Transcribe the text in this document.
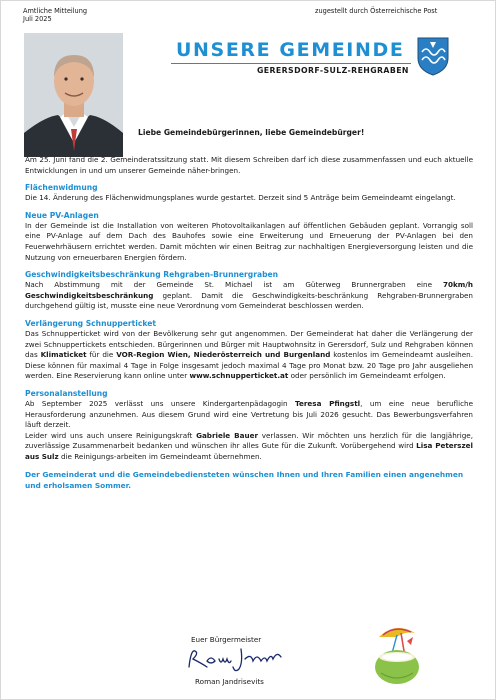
Amtliche Mitteilung
Juli 2025
zugestellt durch Österreichische Post
UNSERE GEMEINDE
GERERSDORF-SULZ-REHGRABEN
Liebe Gemeindebürgerinnen, liebe Gemeindebürger!

Am 25. Juni fand die 2. Gemeinderatssitzung statt. Mit diesem Schreiben darf ich diese zusammenfassen und euch aktuelle Entwicklungen in und um unserer Gemeinde näher-bringen.

Flächenwidmung

Die 14. Änderung des Flächenwidmungsplanes wurde gestartet. Derzeit sind 5 Anträge beim Gemeindeamt eingelangt.

Neue PV-Anlagen

In der Gemeinde ist die Installation von weiteren Photovoltaikanlagen auf öffentlichen Gebäuden geplant. Vorrangig soll eine PV-Anlage auf dem Dach des Bauhofes sowie eine Erweiterung und Erneuerung der PV-Anlagen bei den Feuerwehrhäusern errichtet werden. Damit möchten wir einen Beitrag zur nachhaltigen Energieversorgung leisten und die Nutzung von erneuerbaren Energien fördern.

Geschwindigkeitsbeschränkung Rehgraben-Brunnergraben

Nach Abstimmung mit der Gemeinde St. Michael ist am Güterweg Brunnergraben eine 70km/h Geschwindigkeitsbeschränkung geplant. Damit die Geschwindigkeits-beschränkung Rehgraben-Brunnergraben durchgehend gültig ist, musste eine neue Verordnung vom Gemeinderat beschlossen werden.

Verlängerung Schnupperticket

Das Schnupperticket wird von der Bevölkerung sehr gut angenommen. Der Gemeinderat hat daher die Verlängerung der zwei Schnuppertickets entschieden. Bürgerinnen und Bürger mit Hauptwohnsitz in Gerersdorf, Sulz und Rehgraben können das Klimaticket für die VOR-Region Wien, Niederösterreich und Burgenland kostenlos im Gemeindeamt ausleihen. Diese können für maximal 4 Tage in Folge insgesamt jedoch maximal 4 Tage pro Monat bzw. 20 Tage pro Jahr ausgeliehen werden. Eine Reservierung kann online unter www.schnupperticket.at oder persönlich im Gemeindeamt erfolgen.

Personalanstellung

Ab September 2025 verlässt uns unsere Kindergartenpädagogin Teresa Pfingstl, um eine neue berufliche Herausforderung anzunehmen. Aus diesem Grund wird eine Vertretung bis Juli 2026 gesucht. Das Bewerbungsverfahren läuft derzeit.

Leider wird uns auch unsere Reinigungskraft Gabriele Bauer verlassen. Wir möchten uns herzlich für die langjährige, zuverlässige Zusammenarbeit bedanken und wünschen ihr alles Gute für die Zukunft. Vorübergehend wird Lisa Peterszel aus Sulz die Reinigungs-arbeiten im Gemeindeamt übernehmen.

Der Gemeinderat und die Gemeindebediensteten wünschen Ihnen und Ihren Familien einen angenehmen und erholsamen Sommer.

Euer Bürgermeister
Roman Jandrisevits
